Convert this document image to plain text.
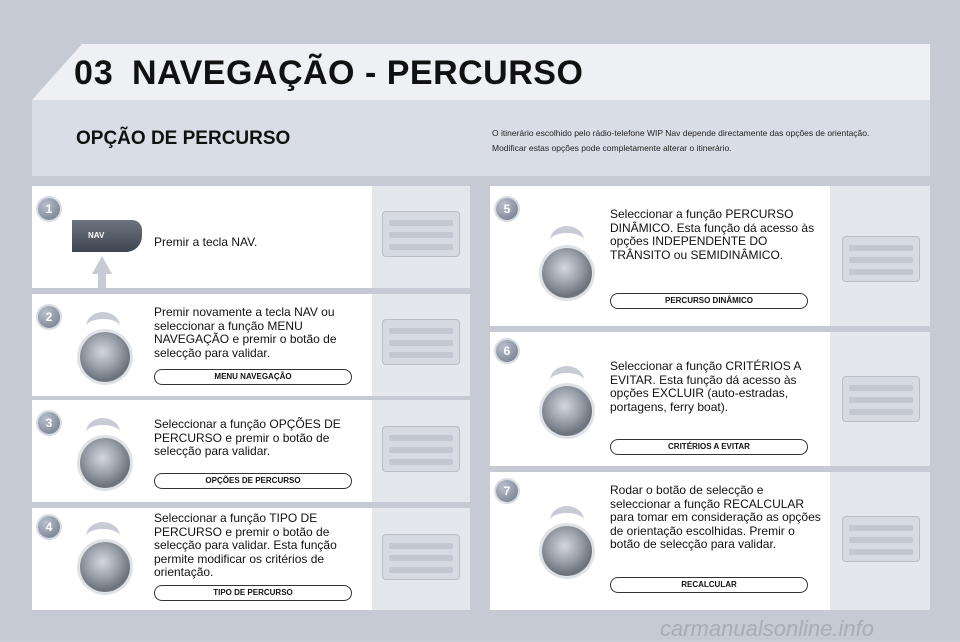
03 NAVEGAÇÃO - PERCURSO
OPÇÃO DE PERCURSO	O itinerário escolhido pelo rádio-telefone WIP Nav depende directamente das opções de orientação.

Modificar estas opções pode completamente alterar o itinerário.

1
NAV	Premir a tecla NAV.
2	Premir novamente a tecla NAV ou seleccionar a função MENU NAVEGAÇÃO e premir o botão de selecção para validar.
MENU NAVEGAÇÃO
3	Seleccionar a função OPÇÕES DE PERCURSO e premir o botão de selecção para validar.
OPÇÕES DE PERCURSO
4
Seleccionar a função TIPO DE PERCURSO e premir o botão de selecção para validar. Esta função permite modificar os critérios de orientação.
TIPO DE PERCURSO
5	Seleccionar a função PERCURSO DINÂMICO. Esta função dá acesso às opções INDEPENDENTE DO TRÂNSITO ou SEMIDINÂMICO.
PERCURSO DINÂMICO
6
Seleccionar a função CRITÉRIOS A EVITAR. Esta função dá acesso às opções EXCLUIR (auto-estradas, portagens, ferry boat).
CRITÉRIOS A EVITAR
7	Rodar o botão de selecção e seleccionar a função RECALCULAR para tomar em consideração as opções de orientação escolhidas. Premir o botão de selecção para validar.
RECALCULAR
carmanualsonline.info
